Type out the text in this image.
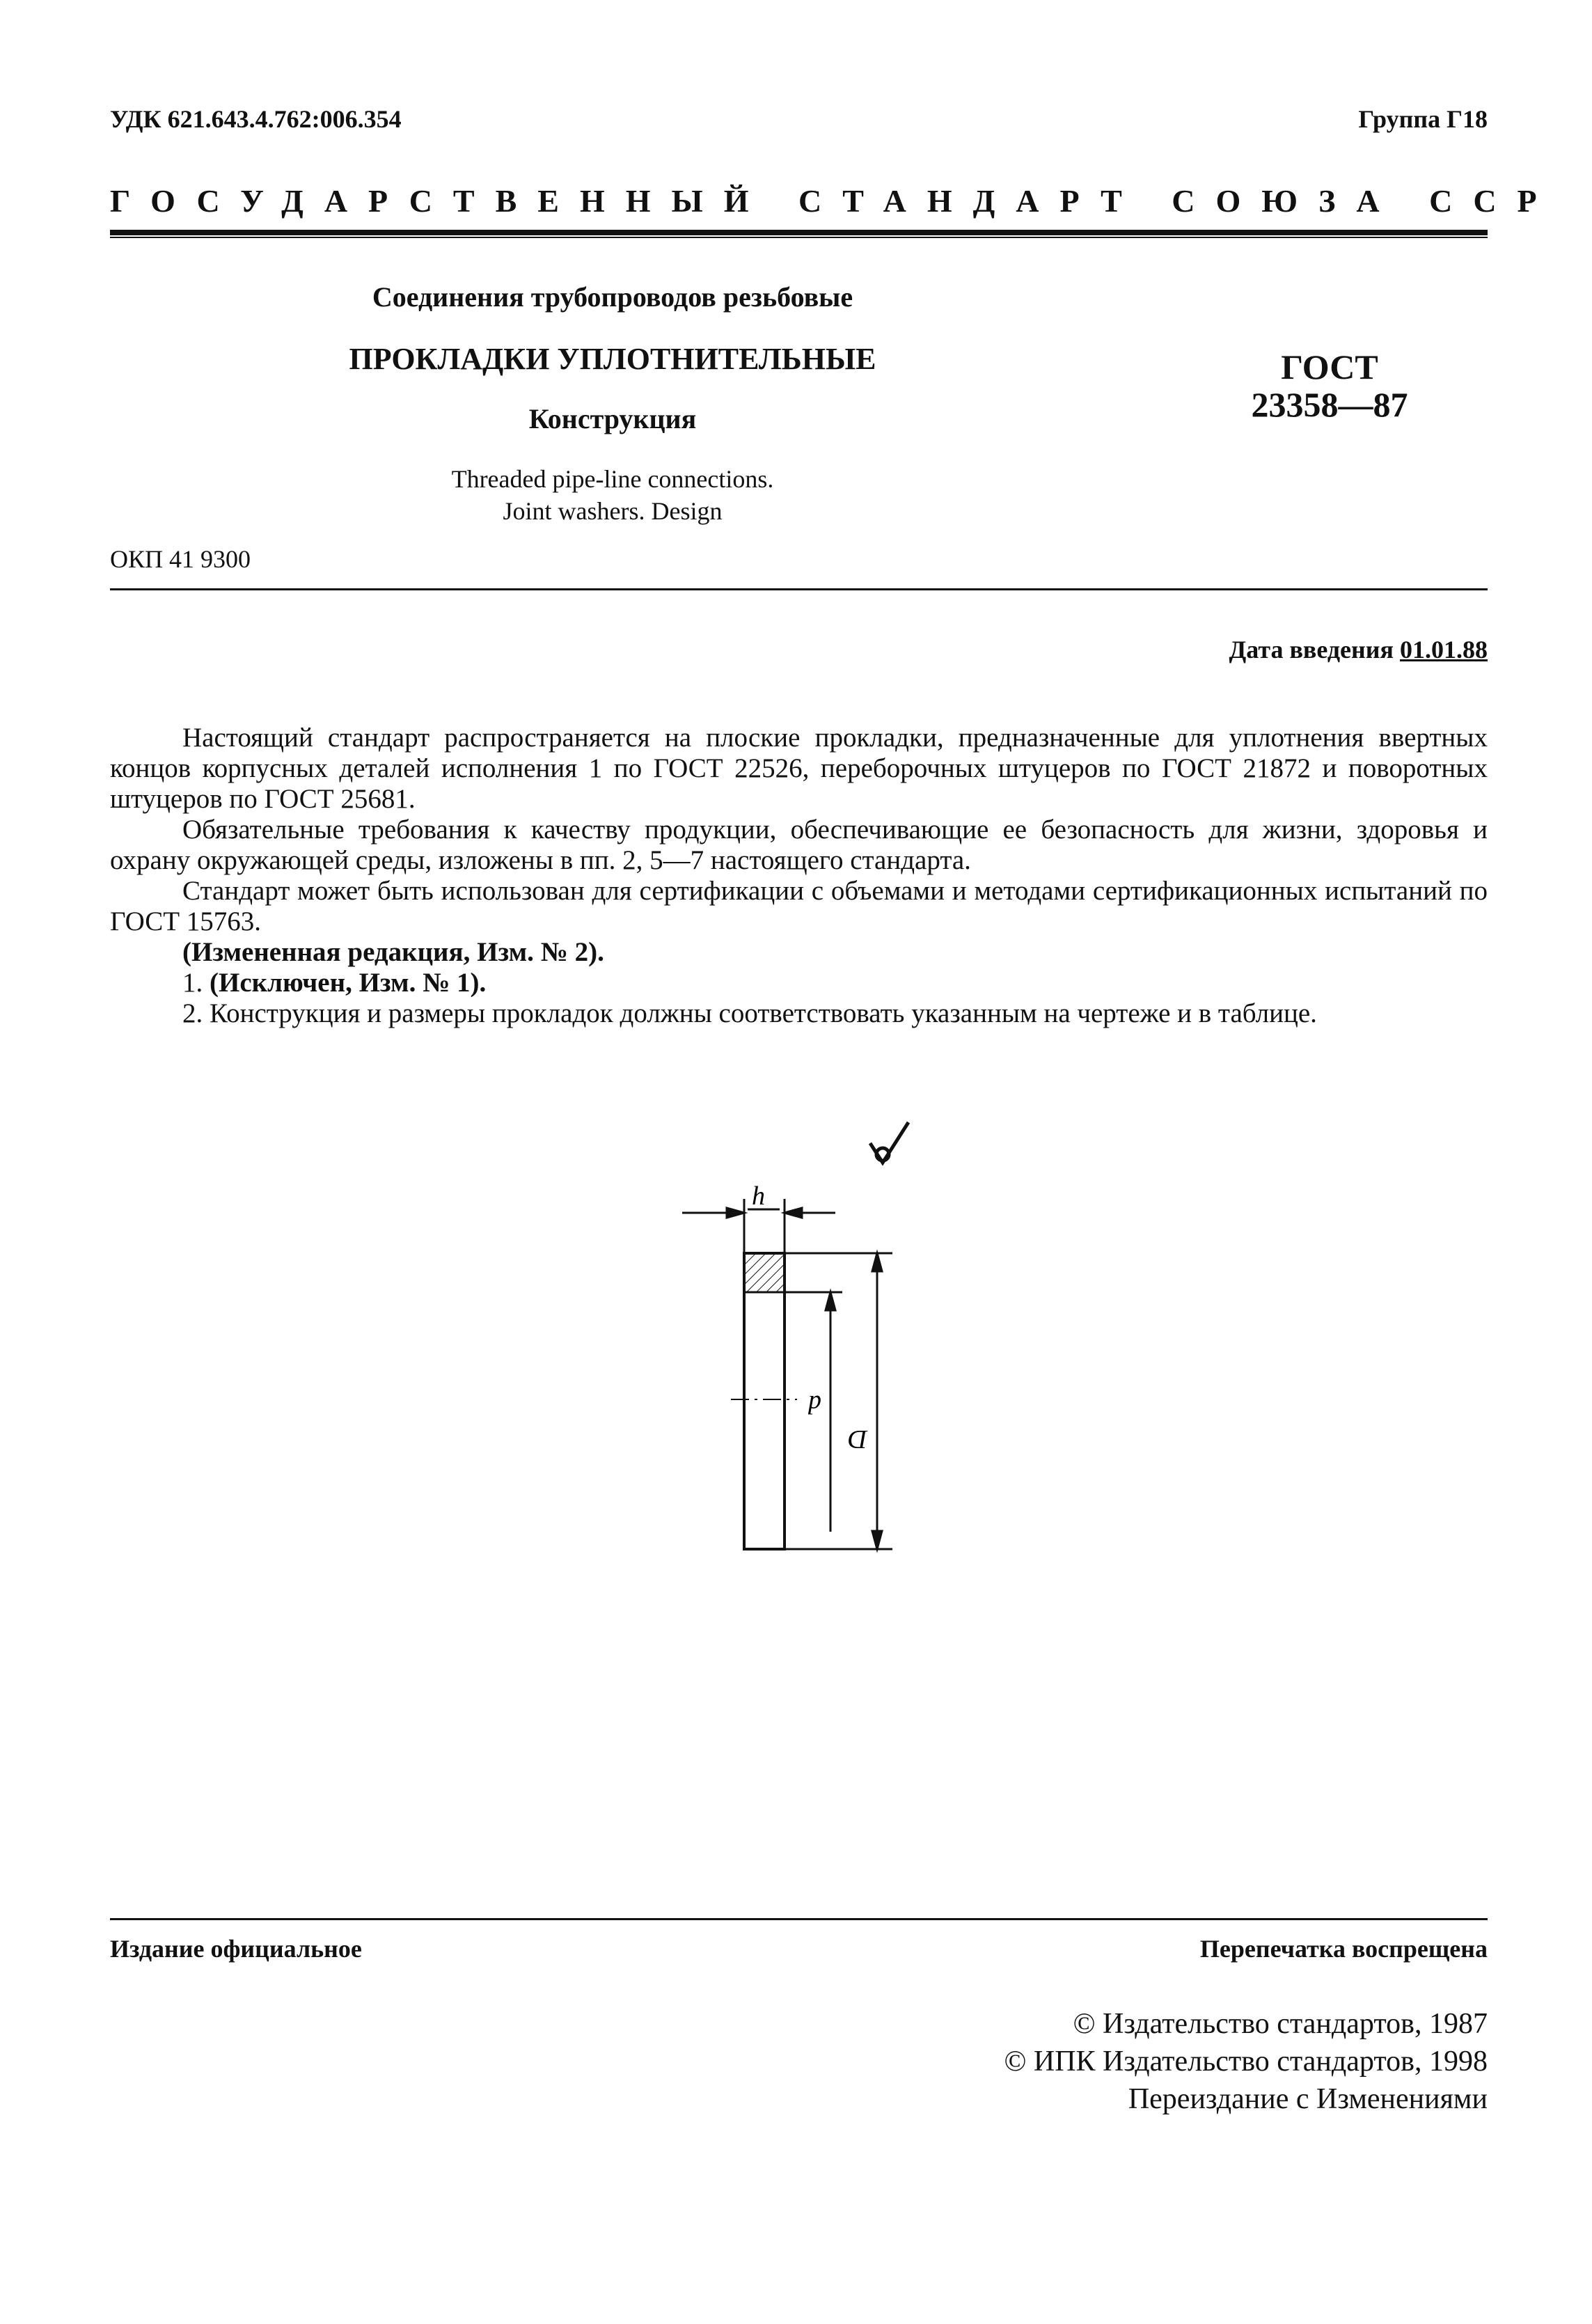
УДК 621.643.4.762:006.354	Группа Г18
ГОСУДАРСТВЕННЫЙ СТАНДАРТ СОЮЗА ССР
Соединения трубопроводов резьбовые
ПРОКЛАДКИ УПЛОТНИТЕЛЬНЫЕ
Конструкция
ГОСТ
23358—87
Threaded pipe-line connections.
Joint washers. Design
ОКП 41 9300
Дата введения 01.01.88

Настоящий стандарт распространяется на плоские прокладки, предназначенные для уплотнения ввертных концов корпусных деталей исполнения 1 по ГОСТ 22526, переборочных штуцеров по ГОСТ 21872 и поворотных штуцеров по ГОСТ 25681.

Обязательные требования к качеству продукции, обеспечивающие ее безопасность для жизни, здоровья и охрану окружающей среды, изложены в пп. 2, 5—7 настоящего стандарта.

Стандарт может быть использован для сертификации с объемами и методами сертификационных испытаний по ГОСТ 15763.

(Измененная редакция, Изм. № 2).

1. (Исключен, Изм. № 1).

2. Конструкция и размеры прокладок должны соответствовать указанным на чертеже и в таблице.

h
d
D
Издание официальное	Перепечатка воспрещена
© Издательство стандартов, 1987
© ИПК Издательство стандартов, 1998
Переиздание с Изменениями
